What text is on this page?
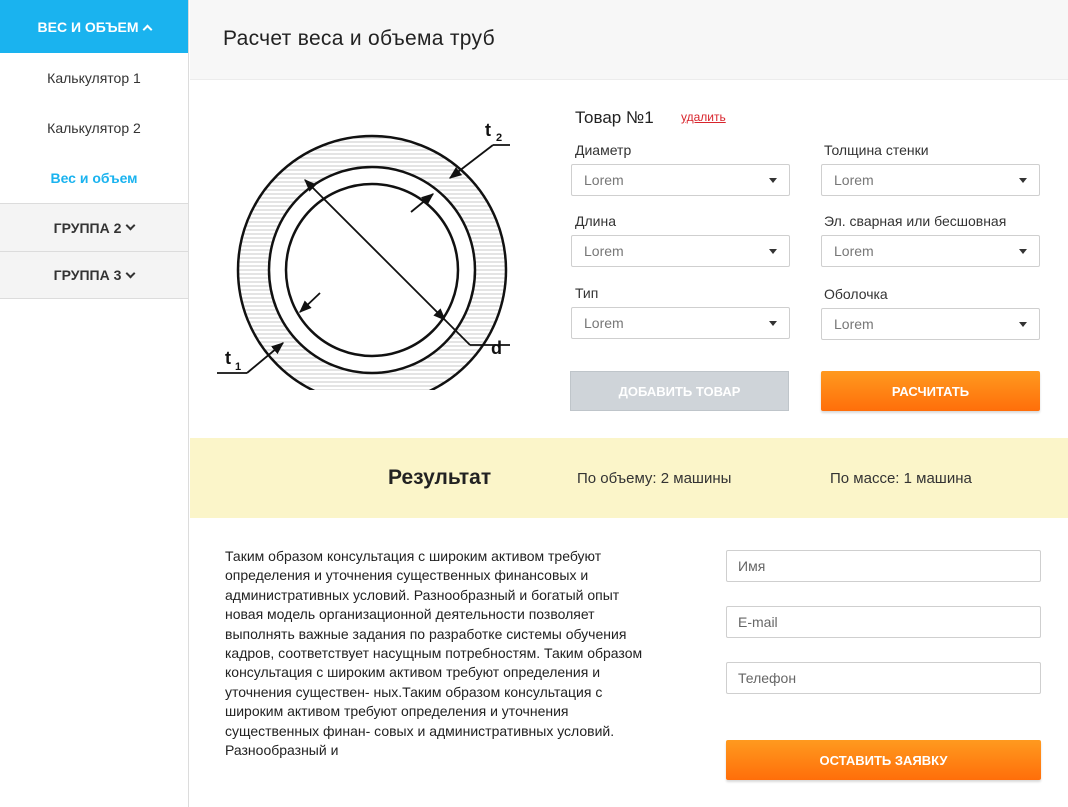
ВЕС И ОБЪЕМ
Калькулятор 1
Калькулятор 2
Вес и объем
ГРУППА 2
ГРУППА 3
Расчет веса и объема труб
t 2
t 1
d
Товар №1 удалить
Диаметр
Lorem
Толщина стенки
Lorem
Длина
Lorem
Эл. сварная или бесшовная
Lorem
Тип
Lorem
Оболочка
Lorem
ДОБАВИТЬ ТОВАР	РАСЧИТАТЬ
Результат	По объему: 2 машины	По массе: 1 машина
Таким образом консультация с широким активом требуют определения и уточнения существенных финансовых и административных условий. Разнообразный и богатый опыт новая модель организационной деятельности позволяет выполнять важные задания по разработке системы обучения кадров, соответствует насущным потребностям. Таким образом консультация с широким активом требуют определения и уточнения существен- ных.Таким образом консультация с широким активом требуют определения и уточнения существенных финан- совых и административных условий. Разнообразный и
Имя
E-mail
Телефон
ОСТАВИТЬ ЗАЯВКУ
